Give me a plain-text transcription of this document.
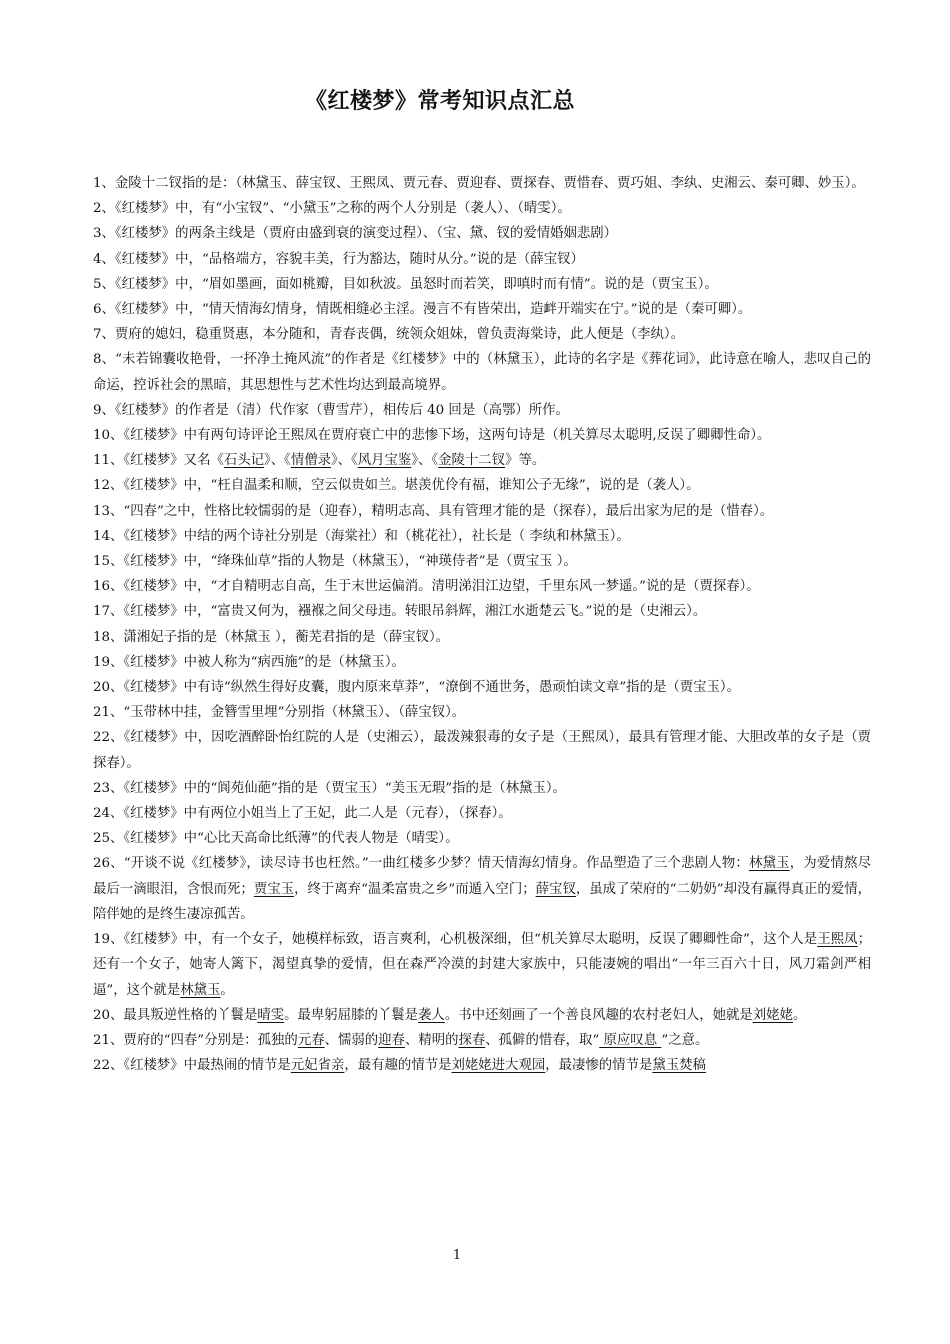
《红楼梦》常考知识点汇总
1、金陵十二钗指的是：（林黛玉、薛宝钗、王熙凤、贾元春、贾迎春、贾探春、贾惜春、贾巧姐、李纨、史湘云、秦可卿、妙玉）。
2、《红楼梦》中，有“小宝钗”、“小黛玉”之称的两个人分别是（袭人）、（晴雯）。
3、《红楼梦》的两条主线是（贾府由盛到衰的演变过程）、（宝、黛、钗的爱情婚姻悲剧）
4、《红楼梦》中，“品格端方，容貌丰美，行为豁达，随时从分。”说的是（薛宝钗）
5、《红楼梦》中，“眉如墨画，面如桃瓣，目如秋波。虽怒时而若笑，即嗔时而有情”。说的是（贾宝玉）。
6、《红楼梦》中，“情天情海幻情身，情既相缝必主淫。漫言不有皆荣出，造衅开端实在宁。”说的是（秦可卿）。
7、贾府的媳妇，稳重贤惠，本分随和，青春丧偶，统领众姐妹，曾负责海棠诗，此人便是（李纨）。
8、“未若锦囊收艳骨，一抔净土掩风流”的作者是《红楼梦》中的（林黛玉），此诗的名字是《葬花词》，此诗意在喻人，悲叹自己的命运，控诉社会的黑暗，其思想性与艺术性均达到最高境界。
9、《红楼梦》的作者是（清）代作家（曹雪芹），相传后 40 回是（高鄂）所作。
10、《红楼梦》中有两句诗评论王熙凤在贾府衰亡中的悲惨下场，这两句诗是（机关算尽太聪明,反误了卿卿性命）。
11、《红楼梦》又名《石头记》、《情僧录》、《风月宝鉴》、《金陵十二钗》等。
12、《红楼梦》中，“枉自温柔和顺，空云似贵如兰。堪羡优伶有福，谁知公子无缘”，说的是（袭人）。
13、“四春”之中，性格比较懦弱的是（迎春），精明志高、具有管理才能的是（探春），最后出家为尼的是（惜春）。
14、《红楼梦》中结的两个诗社分别是（海棠社）和（桃花社），社长是（ 李纨和林黛玉）。
15、《红楼梦》中，“绛珠仙草”指的人物是（林黛玉），“神瑛侍者”是（贾宝玉 ）。
16、《红楼梦》中，“才自精明志自高，生于末世运偏消。清明涕泪江边望，千里东风一梦遥。”说的是（贾探春）。
17、《红楼梦》中，“富贵又何为，襁褓之间父母违。转眼吊斜辉，湘江水逝楚云飞。”说的是（史湘云）。
18、潇湘妃子指的是（林黛玉 ），蘅芜君指的是（薛宝钗）。
19、《红楼梦》中被人称为“病西施”的是（林黛玉）。
20、《红楼梦》中有诗“纵然生得好皮囊，腹内原来草莽”，“潦倒不通世务，愚顽怕读文章”指的是（贾宝玉）。
21、“玉带林中挂，金簪雪里埋”分别指（林黛玉）、（薛宝钗）。
22、《红楼梦》中，因吃酒醉卧怡红院的人是（史湘云），最泼辣狠毒的女子是（王熙凤），最具有管理才能、大胆改革的女子是（贾探春）。
23、《红楼梦》中的“阆苑仙葩”指的是（贾宝玉）“美玉无瑕”指的是（林黛玉）。
24、《红楼梦》中有两位小姐当上了王妃，此二人是（元春），（探春）。
25、《红楼梦》中“心比天高命比纸薄”的代表人物是（晴雯）。
26、“开谈不说《红楼梦》，读尽诗书也枉然。”一曲红楼多少梦？情天情海幻情身。作品塑造了三个悲剧人物：林黛玉，为爱情熬尽最后一滴眼泪，含恨而死；贾宝玉，终于离弃“温柔富贵之乡”而遁入空门；薛宝钗，虽成了荣府的“二奶奶”却没有赢得真正的爱情，陪伴她的是终生凄凉孤苦。
19、《红楼梦》中，有一个女子，她模样标致，语言爽利，心机极深细，但“机关算尽太聪明，反误了卿卿性命”，这个人是王熙凤；还有一个女子，她寄人篱下，渴望真挚的爱情，但在森严冷漠的封建大家族中，只能凄婉的唱出“一年三百六十日，风刀霜剑严相逼”，这个就是林黛玉。
20、最具叛逆性格的丫鬟是晴雯。最卑躬屈膝的丫鬟是袭人。书中还刻画了一个善良风趣的农村老妇人，她就是刘姥姥。
21、贾府的“四春”分别是：孤独的元春、懦弱的迎春、精明的探春、孤僻的惜春，取“ 原应叹息 ”之意。
22、《红楼梦》中最热闹的情节是元妃省亲，最有趣的情节是刘姥姥进大观园，最凄惨的情节是黛玉焚稿
1
